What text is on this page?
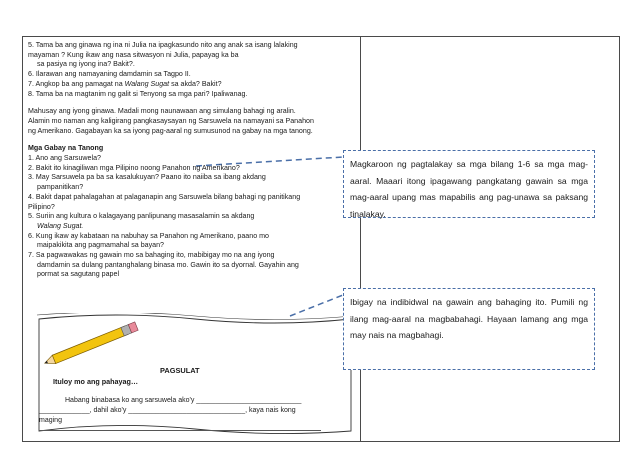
5. Tama ba ang ginawa ng ina ni Julia na ipagkasundo nito ang anak sa isang lalaking

mayaman ? Kung ikaw ang nasa sitwasyon ni Julia, papayag ka ba

sa pasiya ng iyong ina? Bakit?.

6. Ilarawan ang namayaning damdamin sa Tagpo II.

7. Angkop ba ang pamagat na Walang Sugat sa akda? Bakit?

8. Tama ba na magtanim ng galit si Tenyong sa mga pari? Ipaliwanag.

Mahusay ang iyong ginawa. Madali mong naunawaan ang simulang bahagi ng aralin.

Alamin mo naman ang kaligirang pangkasaysayan ng Sarsuwela na namayani sa Panahon

ng Amerikano. Gagabayan ka sa iyong pag-aaral ng sumusunod na gabay na mga tanong.

Mga Gabay na Tanong

1. Ano ang Sarsuwela?

2. Bakit ito kinagiliwan mga Pilipino noong Panahon ng Amerikano?

3. May Sarsuwela pa ba sa kasalukuyan? Paano ito naiiba sa ibang akdang

pampanitikan?

4. Bakit dapat pahalagahan at palaganapin ang Sarsuwela bilang bahagi ng panitikang

Pilipino?

5. Suriin ang kultura o kalagayang panlipunang masasalamin sa akdang

Walang Sugat.

6. Kung ikaw ay kabataan na nabuhay sa Panahon ng Amerikano, paano mo

maipakikita ang pagmamahal sa bayan?

7. Sa pagwawakas ng gawain mo sa bahaging ito, mabibigay mo na ang iyong

damdamin sa dulang pantanghalang binasa mo. Gawin ito sa dyornal. Gayahin ang

pormat sa sagutang papel

PAGSULAT
Ituloy mo ang pahayag…
Habang binabasa ko ang sarsuwela ako'y ___________________________
_____________, dahil ako'y ______________________________, kaya nais kong
maging
Magkaroon ng pagtalakay sa mga bilang 1-6 sa mga mag-aaral. Maaari itong ipagawang pangkatang gawain sa mga mag-aaral upang mas mapabilis ang pag-unawa sa paksang tinalakay.
Ibigay na indibidwal na gawain ang bahaging ito. Pumili ng ilang mag-aaral na magbabahagi. Hayaan lamang ang mga may nais na magbahagi.
